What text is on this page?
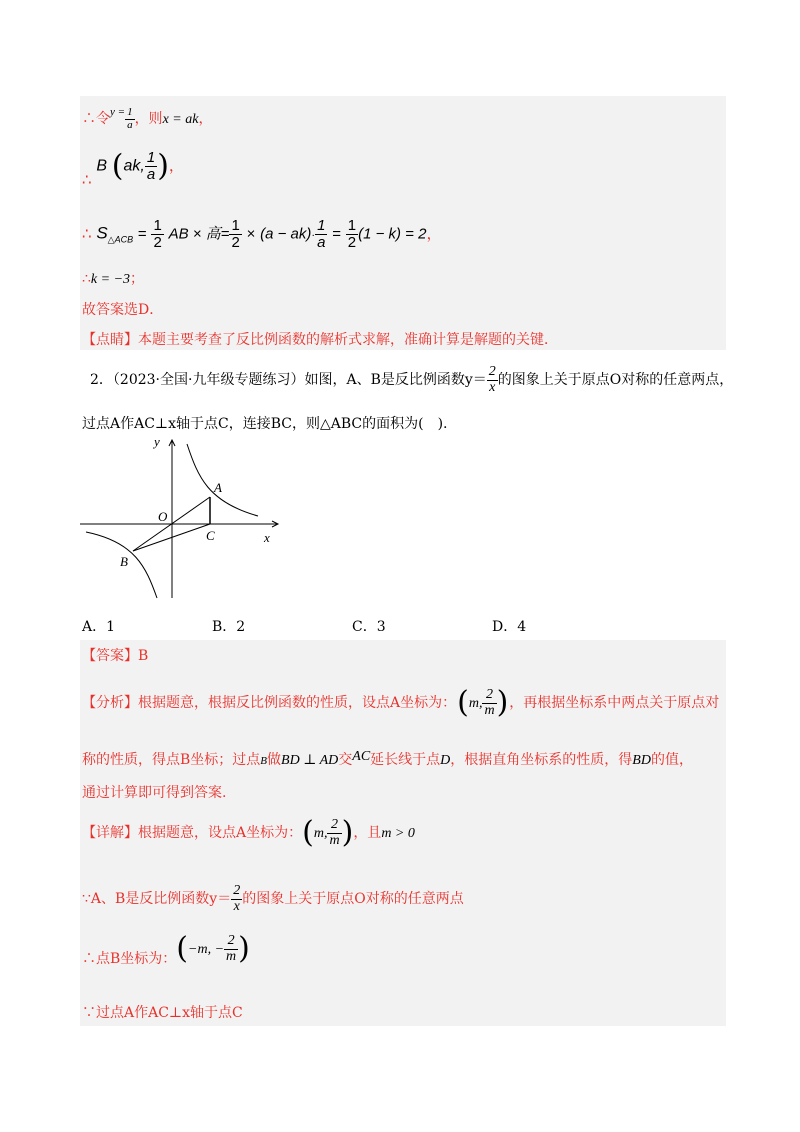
∴令$^{y =} \frac{1}{a}$ ，则x = ak，
∴ B (ak, $\frac{1}{a}$ )，
∴ $S_{\triangle ACB} = \frac{1}{2}$ AB × 高= $\frac{1}{2} \times (a - ak)\cdot \frac{1}{a} = \frac{1}{2} (1 - k) = 2$，
∴k = −3；
故答案选D．
【点睛】本题主要考查了反比例函数的解析式求解，准确计算是解题的关键．
2．（2023·全国·九年级专题练习）如图，A、B是反比例函数$y= \frac{2}{x}$ 的图象上关于原点O对称的任意两点，
过点A作AC⊥x轴于点C，连接BC，则△ABC的面积为(　).
y
x
O
A
B
C
A．1	B．2	C．3	D．4
【答案】B
【分析】根据题意，根据反比例函数的性质，设点A坐标为：(m, $\frac{2}{m}$ )，再根据坐标系中两点关于原点对
称的性质，得点B坐标；过点B做BD ⊥ AD交AC延长线于点D，根据直角坐标系的性质，得BD的值，
通过计算即可得到答案.
【详解】根据题意，设点A坐标为：(m, $\frac{2}{m}$ )，且m > 0
∵A、B是反比例函数$y= \frac{2}{x}$ 的图象上关于原点O对称的任意两点
∴点B坐标为：(−m, − $\frac{2}{m}$ )
∵过点A作AC⊥x轴于点C
